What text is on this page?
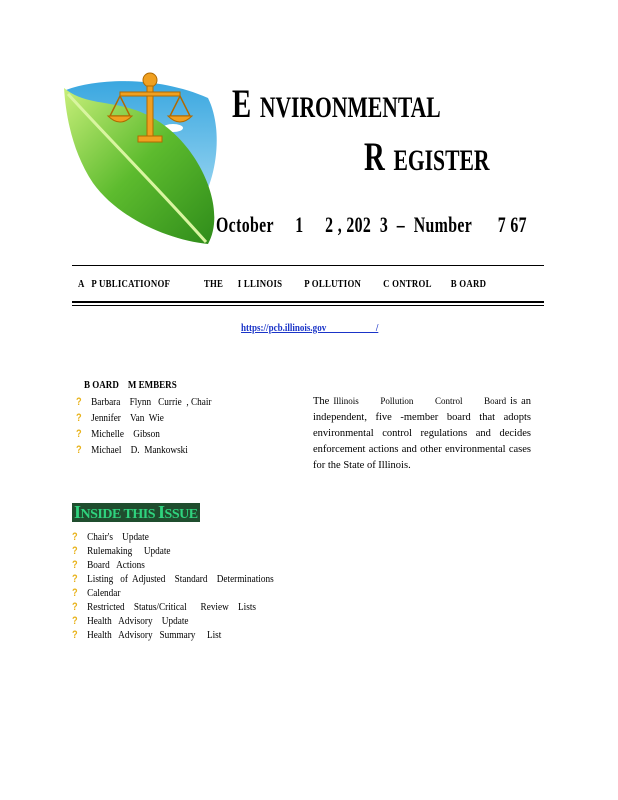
E NVIRONMENTAL
R EGISTER
October     1     2 , 202  3  –  Number      7 67
A   P UBLICATIONOF              THE      I LLINOIS         P OLLUTION         C ONTROL        B OARD
https://pcb.illinois.gov                      /
B OARD    M EMBERS
? Barbara    Flynn   Currie  , Chair
? Jennifer    Van  Wie
? Michelle    Gibson
? Michael    D.  Mankowski
The Illinois      Pollution      Control      Board is an independent, five -member board that adopts environmental control regulations and decides enforcement actions and other environmental cases for the State of Illinois.
INSIDE THIS ISSUE
? Chair's    Update
? Rulemaking     Update
? Board   Actions
? Listing   of  Adjusted    Standard    Determinations
? Calendar
? Restricted    Status/Critical      Review    Lists
? Health   Advisory    Update
? Health   Advisory   Summary     List
